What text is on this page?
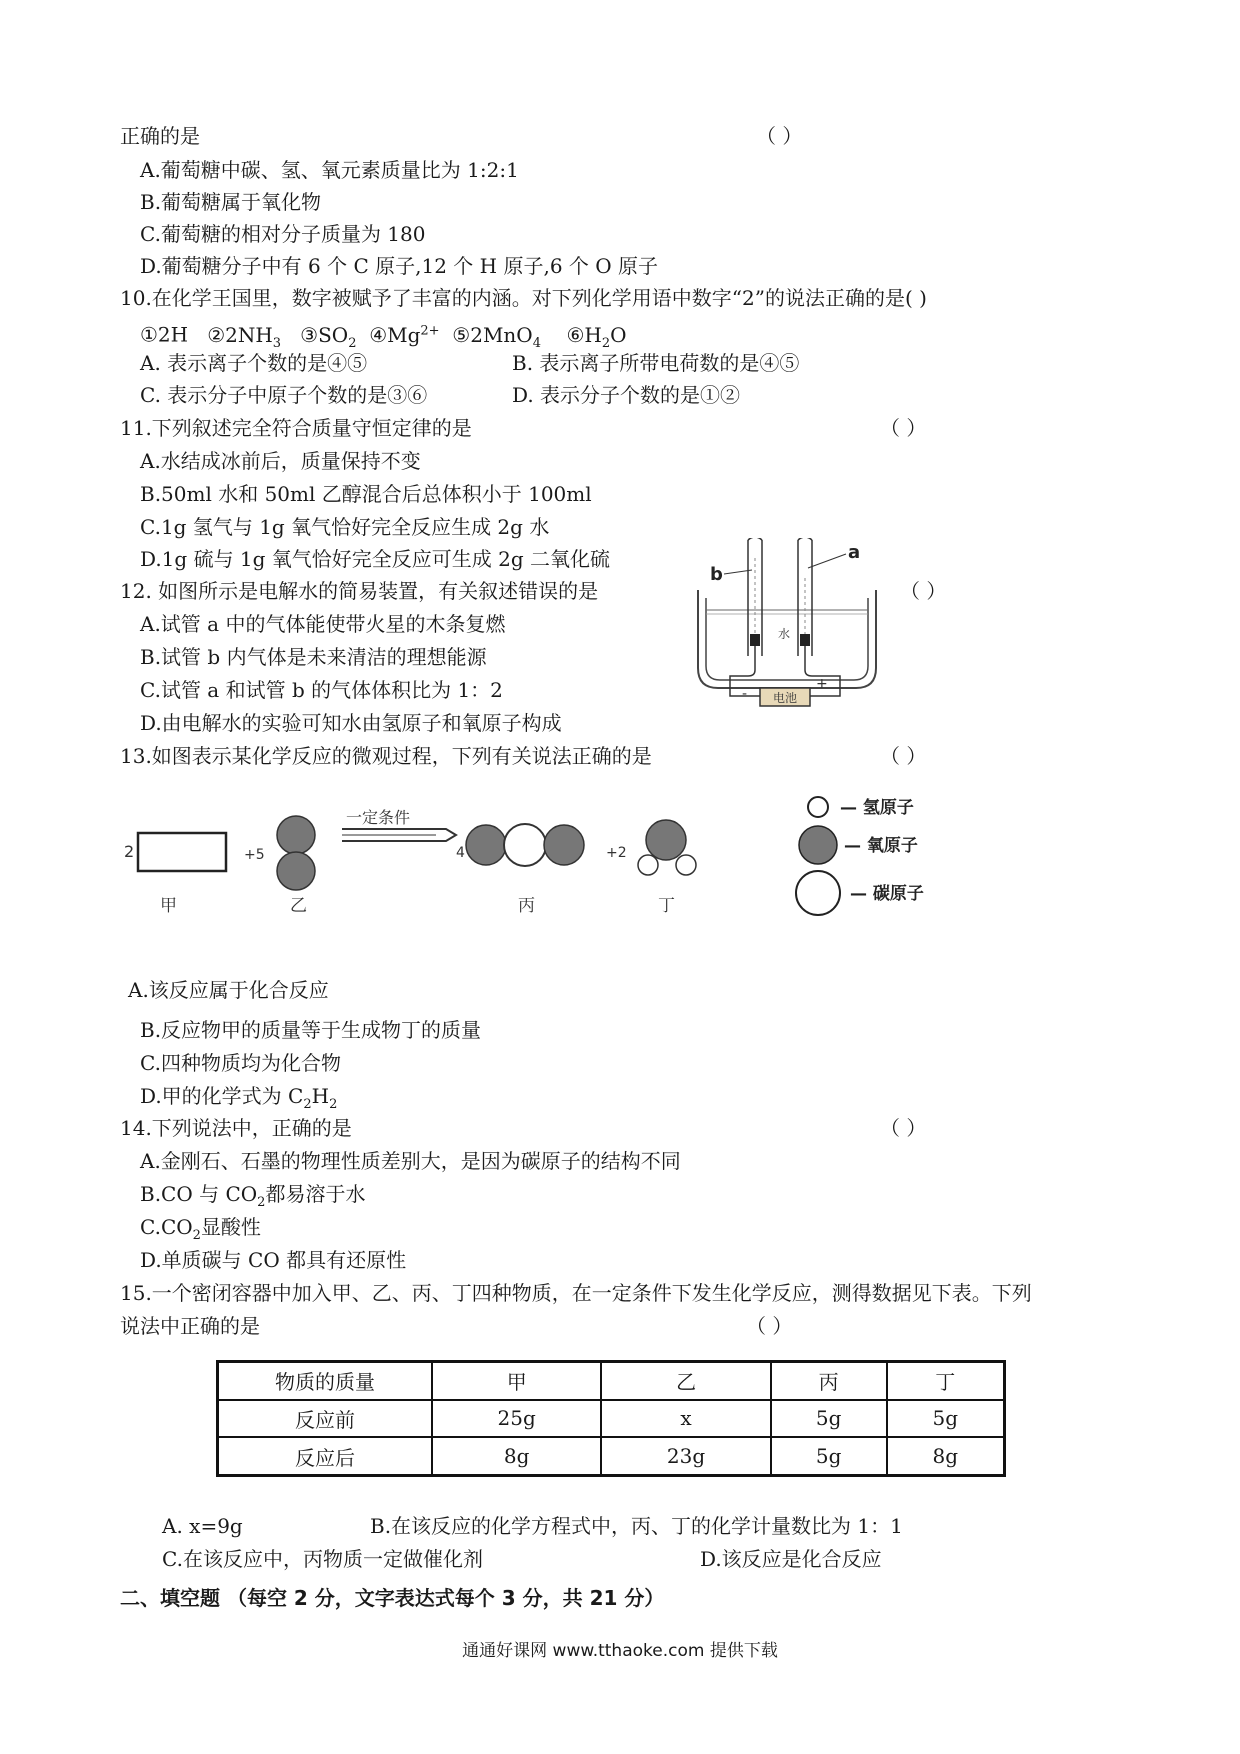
正确的是	（ ）
A.葡萄糖中碳、氢、氧元素质量比为 1:2:1
B.葡萄糖属于氧化物
C.葡萄糖的相对分子质量为 180
D.葡萄糖分子中有 6 个 C 原子,12 个 H 原子,6 个 O 原子
10.在化学王国里，数字被赋予了丰富的内涵。对下列化学用语中数字“2”的说法正确的是( )
①2H $②2NH_3$ $③SO_2$ $④Mg^{2+}$ ⑤2MnO$_4$ $⑥H_2O$
A. 表示离子个数的是④⑤	B. 表示离子所带电荷数的是④⑤
C. 表示分子中原子个数的是③⑥	D. 表示分子个数的是①②
11.下列叙述完全符合质量守恒定律的是	（ ）
A.水结成冰前后，质量保持不变
B.50ml 水和 50ml 乙醇混合后总体积小于 100ml
C.1g 氢气与 1g 氧气恰好完全反应生成 2g 水
D.1g 硫与 1g 氧气恰好完全反应可生成 2g 二氧化硫
12. 如图所示是电解水的简易装置，有关叙述错误的是	（ ）
A.试管 a 中的气体能使带火星的木条复燃
B.试管 b 内气体是未来清洁的理想能源
C.试管 a 和试管 b 的气体体积比为 1：2
D.由电解水的实验可知水由氢原子和氧原子构成
电池
-
+
水
b
a
13.如图表示某化学反应的微观过程，下列有关说法正确的是	（ ）
2
甲
+5
乙
一定条件
4
丙
+2
丁
— 氢原子
— 氧原子
— 碳原子
A.该反应属于化合反应
B.反应物甲的质量等于生成物丁的质量
C.四种物质均为化合物
D.甲的化学式为 $C_2H_2$
14.下列说法中，正确的是	（ ）
A.金刚石、石墨的物理性质差别大，是因为碳原子的结构不同
B.CO 与 $CO_2$都易溶于水
$C.CO_2$显酸性
D.单质碳与 CO 都具有还原性
15.一个密闭容器中加入甲、乙、丙、丁四种物质，在一定条件下发生化学反应，测得数据见下表。下列
说法中正确的是	（ ）
物质的质量	甲	乙	丙	丁
反应前	25g	x	5g	5g
反应后	8g	23g	5g	8g
A. x=9g	B.在该反应的化学方程式中，丙、丁的化学计量数比为 1：1
C.在该反应中，丙物质一定做催化剂	D.该反应是化合反应
二、填空题 （每空 2 分，文字表达式每个 3 分，共 21 分）
通通好课网 www.tthaoke.com 提供下载
